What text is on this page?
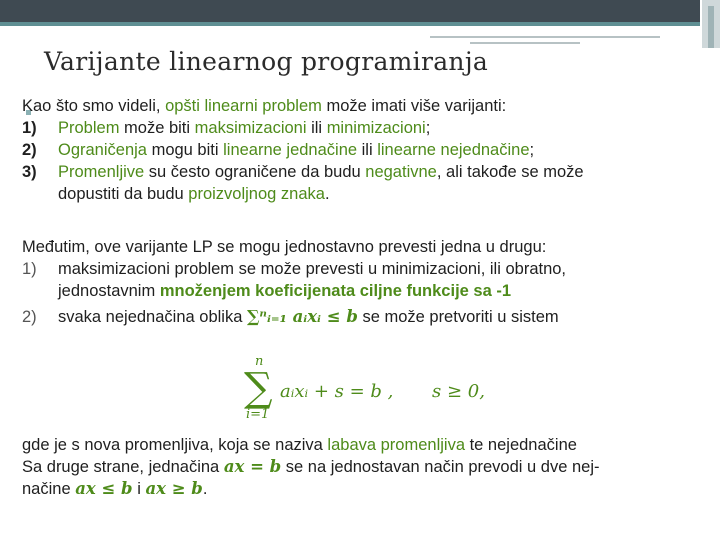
Varijante linearnog programiranja
Kao što smo videli, opšti linearni problem može imati više varijanti:
1) Problem može biti maksimizacioni ili minimizacioni;
2) Ograničenja mogu biti linearne jednačine ili linearne nejednačine;
3) Promenljive su često ograničene da budu negativne, ali takođe se može
dopustiti da budu proizvoljnog znaka.
Međutim, ove varijante LP se mogu jednostavno prevesti jedna u drugu:
1) maksimizacioni problem se može prevesti u minimizacioni, ili obratno,
jednostavnim množenjem koeficijenata ciljne funkcije sa -1
2) svaka nejednačina oblika ∑ⁿᵢ₌₁ aᵢxᵢ ≤ b se može pretvoriti u sistem
n
∑
i=1
aᵢxᵢ + s = b , s ≥ 0,
gde je s nova promenljiva, koja se naziva labava promenljiva te nejednačine
Sa druge strane, jednačina ax = b se na jednostavan način prevodi u dve nej-
načine ax ≤ b i ax ≥ b.
